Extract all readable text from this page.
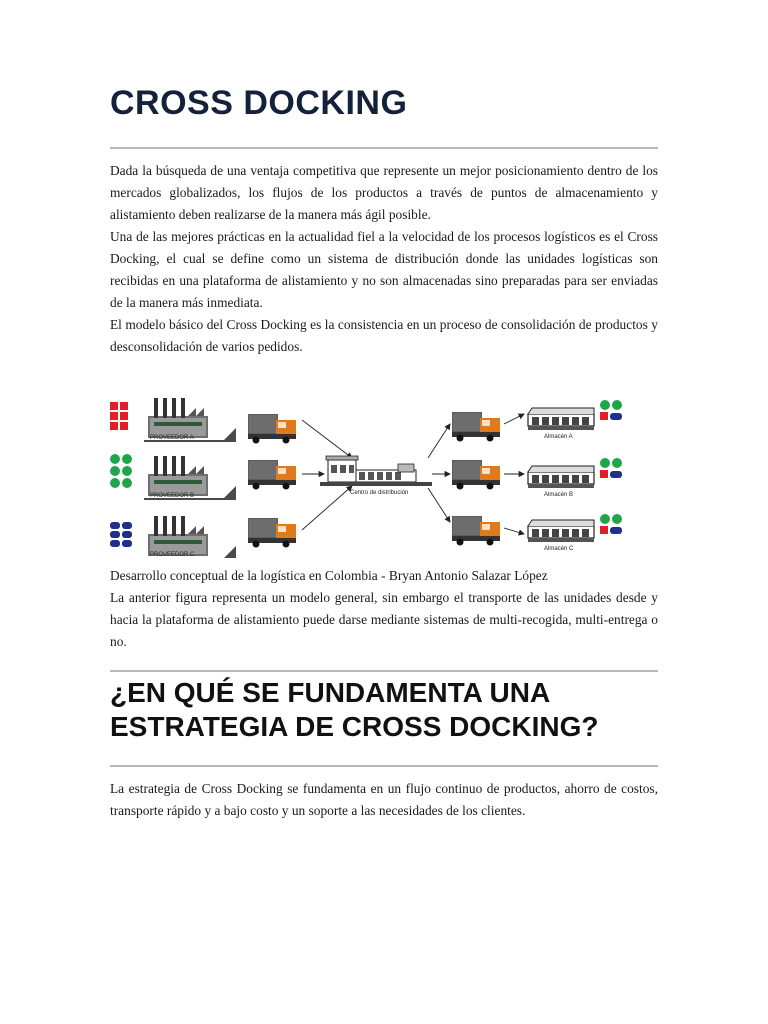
CROSS DOCKING

Dada la búsqueda de una ventaja competitiva que represente un mejor posicionamiento dentro de los mercados globalizados, los flujos de los productos a través de puntos de almacenamiento y alistamiento deben realizarse de la manera más ágil posible.

Una de las mejores prácticas en la actualidad fiel a la velocidad de los procesos logísticos es el Cross Docking, el cual se define como un sistema de distribución donde las unidades logísticas son recibidas en una plataforma de alistamiento y no son almacenadas sino preparadas para ser enviadas de la manera más inmediata.

El modelo básico del Cross Docking es la consistencia en un proceso de consolidación de productos y desconsolidación de varios pedidos.

PROVEEDOR A
PROVEEDOR B
PROVEEDOR C
Centro de distribución
Almacén A
Almacén B
Almacén C
Desarrollo conceptual de la logística en Colombia - Bryan Antonio Salazar López

La anterior figura representa un modelo general, sin embargo el transporte de las unidades desde y hacia la plataforma de alistamiento puede darse mediante sistemas de multi-recogida, multi-entrega o no.

¿EN QUÉ SE FUNDAMENTA UNA ESTRATEGIA DE CROSS DOCKING?

La estrategia de Cross Docking se fundamenta en un flujo continuo de productos, ahorro de costos, transporte rápido y a bajo costo y un soporte a las necesidades de los clientes.
